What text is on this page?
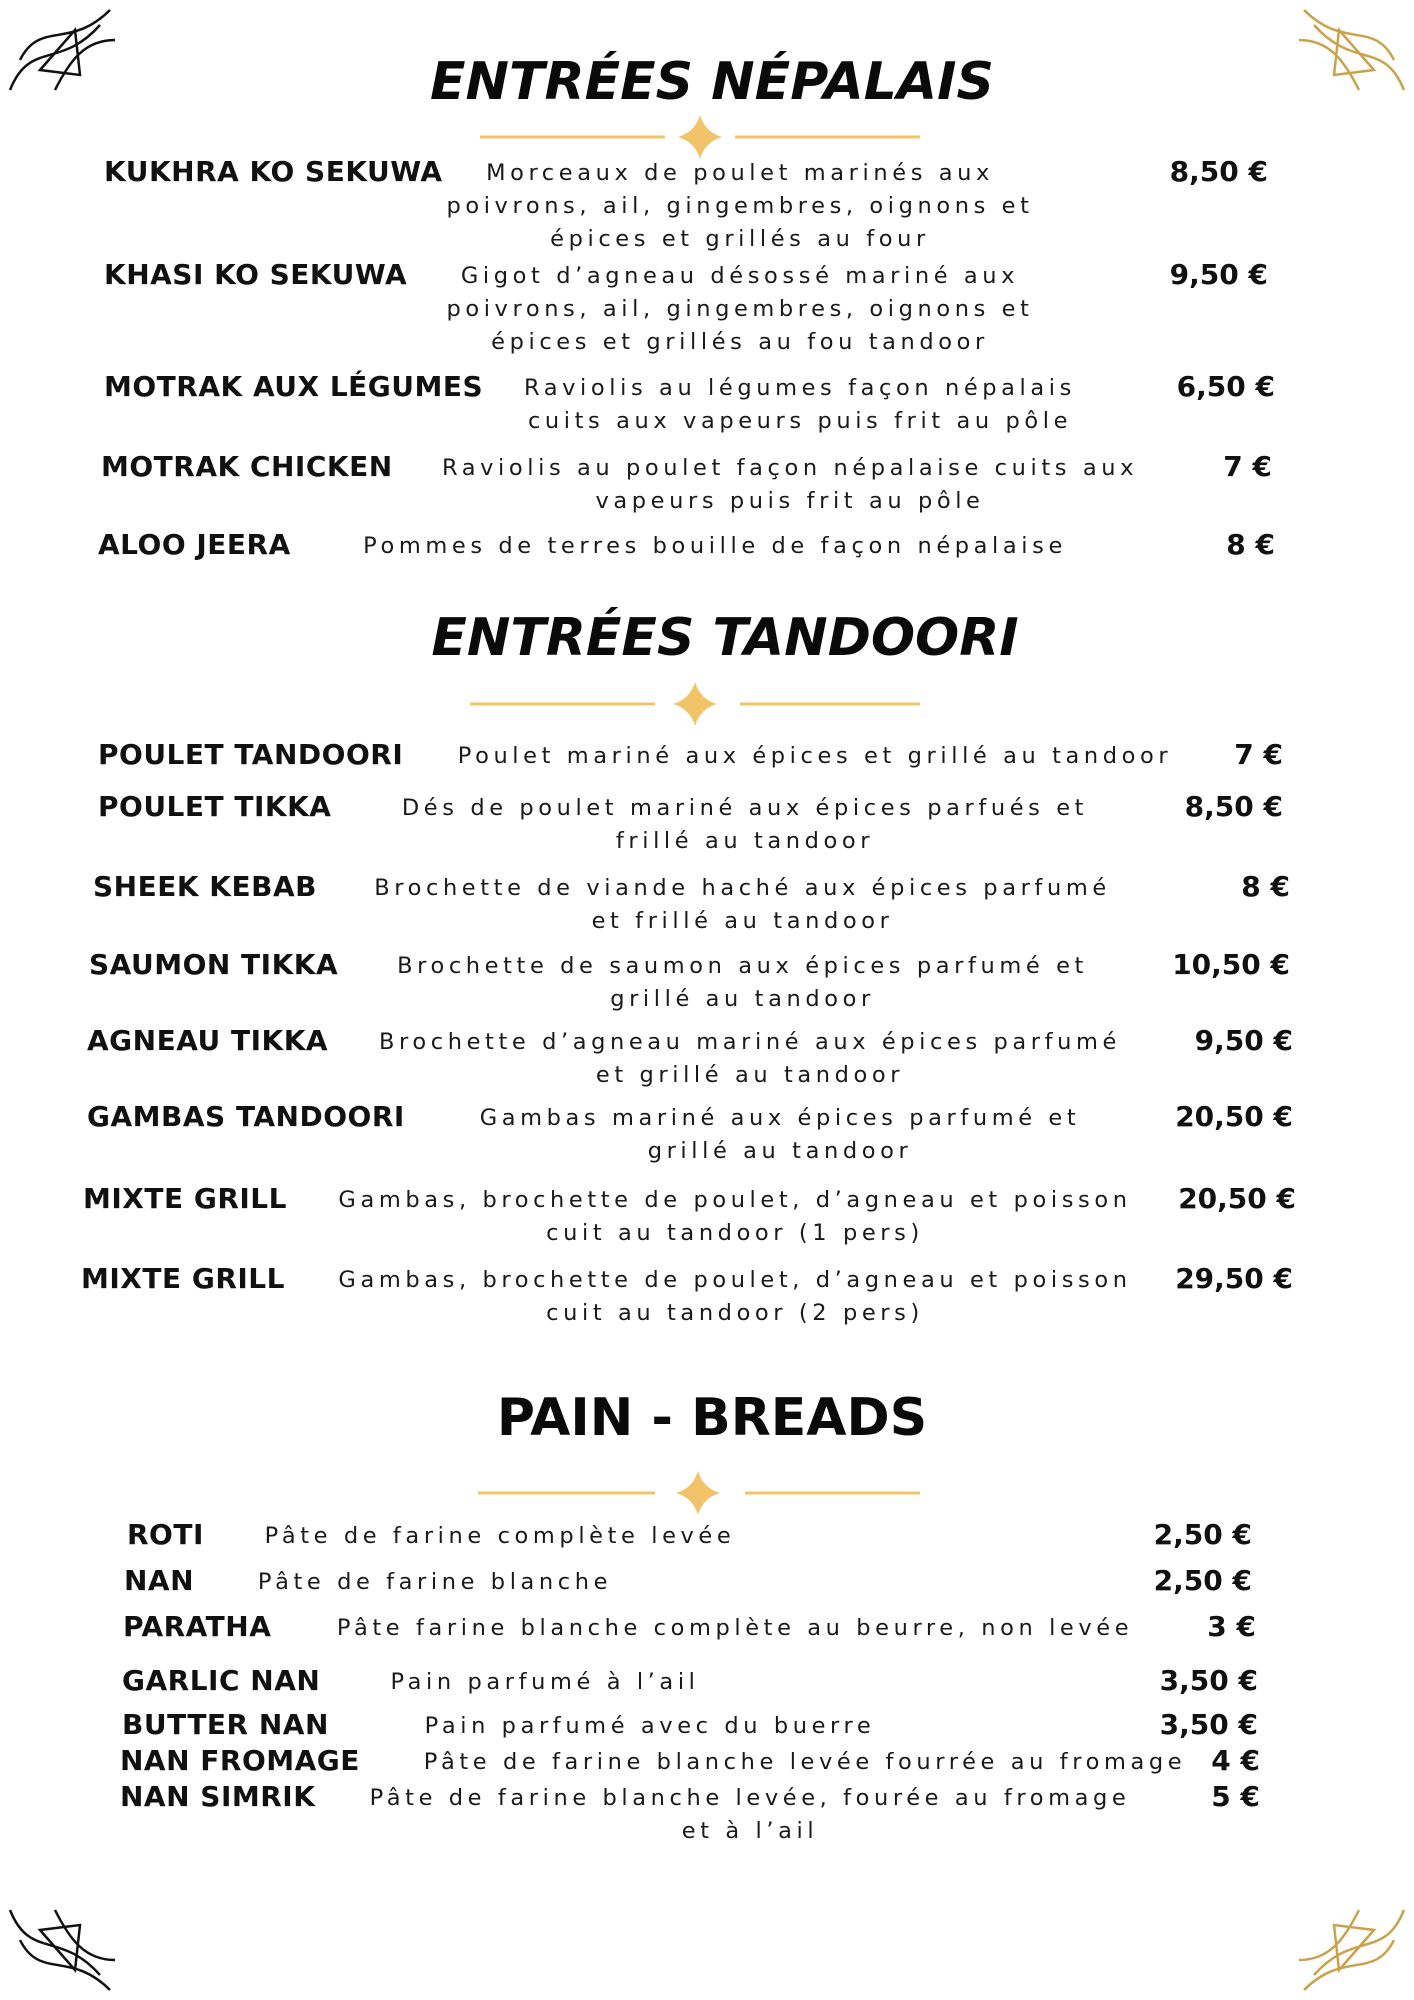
ENTRÉES NÉPALAIS
KUKHRA KO SEKUWA	Morceaux de poulet marinés aux
poivrons, ail, gingembres, oignons et
épices et grillés au four
8,50 €
KHASI KO SEKUWA	Gigot d’agneau désossé mariné aux
poivrons, ail, gingembres, oignons et
épices et grillés au fou tandoor
9,50 €
MOTRAK AUX LÉGUMES	Raviolis au légumes façon népalais
cuits aux vapeurs puis frit au pôle
6,50 €
MOTRAK CHICKEN	Raviolis au poulet façon népalaise cuits aux
vapeurs puis frit au pôle
7 €
ALOO JEERA	Pommes de terres bouille de façon népalaise	8 €
ENTRÉES TANDOORI
POULET TANDOORI	Poulet mariné aux épices et grillé au tandoor	7 €
POULET TIKKA	Dés de poulet mariné aux épices parfués et
frillé au tandoor
8,50 €
SHEEK KEBAB	Brochette de viande haché aux épices parfumé
et frillé au tandoor
8 €
SAUMON TIKKA	Brochette de saumon aux épices parfumé et
grillé au tandoor
10,50 €
AGNEAU TIKKA	Brochette d’agneau mariné aux épices parfumé
et grillé au tandoor
9,50 €
GAMBAS TANDOORI	Gambas mariné aux épices parfumé et
grillé au tandoor
20,50 €
MIXTE GRILL	Gambas, brochette de poulet, d’agneau et poisson
cuit au tandoor (1 pers)
20,50 €
MIXTE GRILL	Gambas, brochette de poulet, d’agneau et poisson
cuit au tandoor (2 pers)
29,50 €
PAIN - BREADS
ROTI	Pâte de farine complète levée	2,50 €
NAN	Pâte de farine blanche	2,50 €
PARATHA	Pâte farine blanche complète au beurre, non levée	3 €
GARLIC NAN	Pain parfumé à l’ail	3,50 €
BUTTER NAN	Pain parfumé avec du buerre	3,50 €
NAN FROMAGE	Pâte de farine blanche levée fourrée au fromage 4 €
NAN SIMRIK	Pâte de farine blanche levée, fourée au fromage
et à l’ail
5 €
